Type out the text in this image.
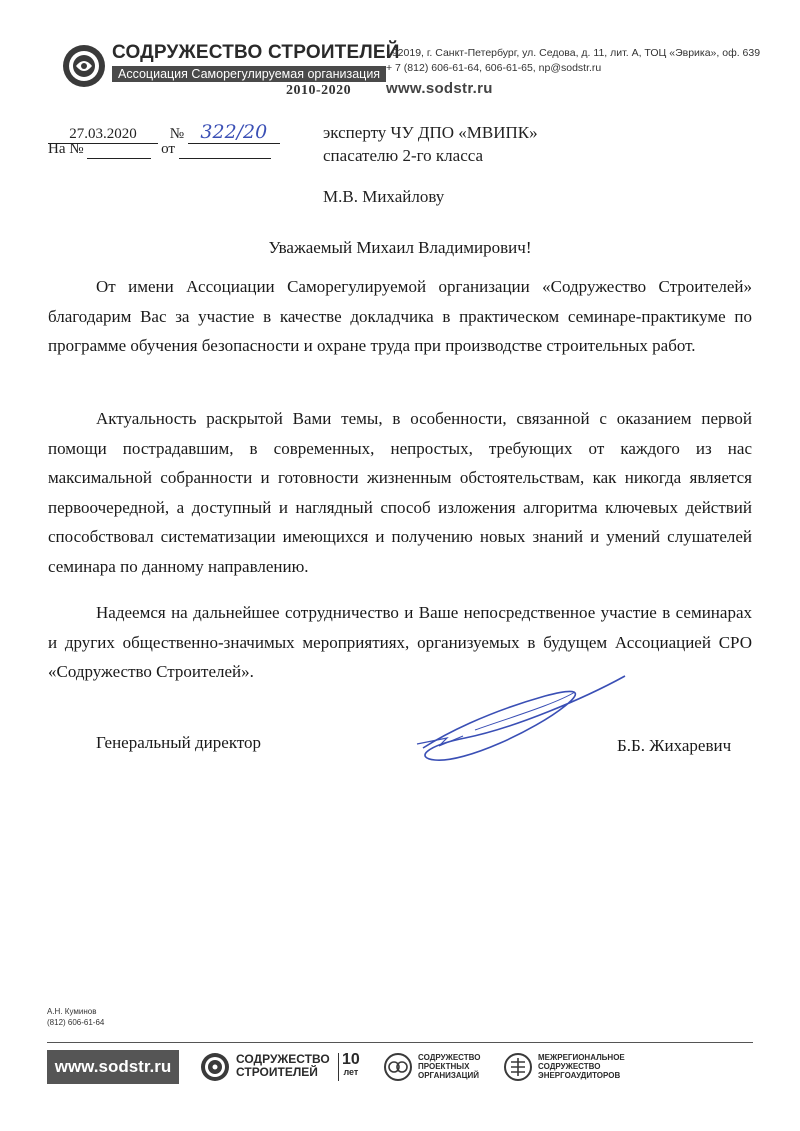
СОДРУЖЕСТВО СТРОИТЕЛЕЙ
Ассоциация Саморегулируемая организация
2010-2020
192019, г. Санкт-Петербург, ул. Седова, д. 11, лит. А, ТОЦ «Эврика», оф. 639
+ 7 (812) 606-61-64, 606-61-65, np@sodstr.ru
www.sodstr.ru
27.03.2020 № 322/20
На №	от
эксперту ЧУ ДПО «МВИПК»
спасателю 2-го класса
М.В. Михайлову
Уважаемый Михаил Владимирович!

От имени Ассоциации Саморегулируемой организации «Содружество Строителей» благодарим Вас за участие в качестве докладчика в практическом семинаре-практикуме по программе обучения безопасности и охране труда при производстве строительных работ.

Актуальность раскрытой Вами темы, в особенности, связанной с оказанием первой помощи пострадавшим, в современных, непростых, требующих от каждого из нас максимальной собранности и готовности жизненным обстоятельствам, как никогда является первоочередной, а доступный и наглядный способ изложения алгоритма ключевых действий способствовал систематизации имеющихся и получению новых знаний и умений слушателей семинара по данному направлению.

Надеемся на дальнейшее сотрудничество и Ваше непосредственное участие в семинарах и других общественно-значимых мероприятиях, организуемых в будущем Ассоциацией СРО «Содружество Строителей».

Генеральный директор	Б.Б. Жихаревич
А.Н. Куминов
(812) 606-61-64
www.sodstr.ru	СОДРУЖЕСТВО
СТРОИТЕЛЕЙ
10
лет
СОДРУЖЕСТВО
ПРОЕКТНЫХ
ОРГАНИЗАЦИЙ
МЕЖРЕГИОНАЛЬНОЕ
СОДРУЖЕСТВО
ЭНЕРГОАУДИТОРОВ
